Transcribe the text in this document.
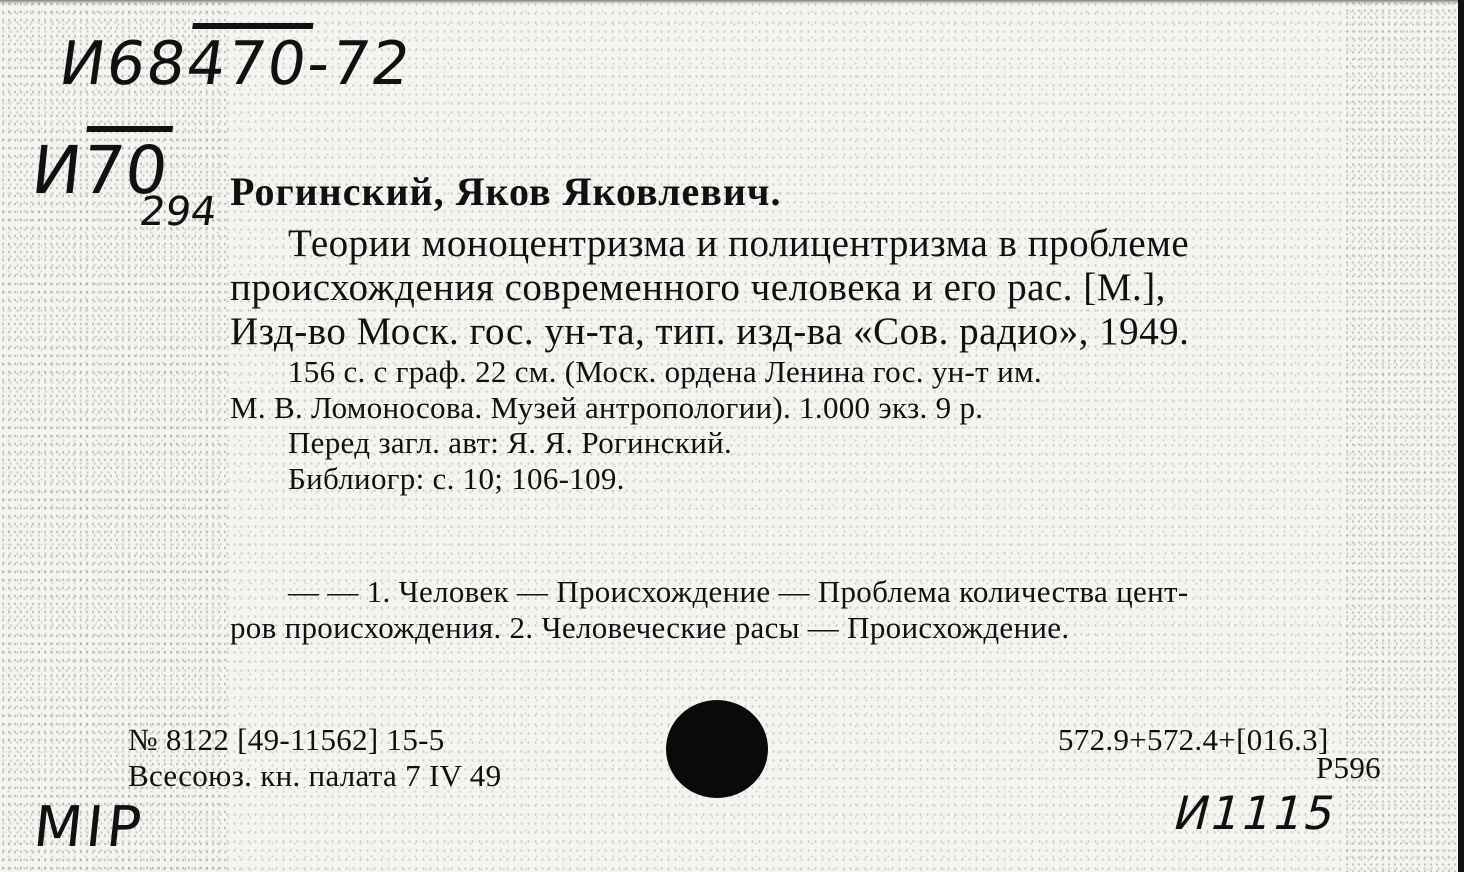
И68470-72
И70
294 Рогинский, Яков Яковлевич.
Теории моноцентризма и полицентризма в проблеме
происхождения современного человека и его рас. [М.],
Изд-во Моск. гос. ун-та, тип. изд-ва «Сов. радио», 1949.
156 с. с граф. 22 см. (Моск. ордена Ленина гос. ун-т им.
М. В. Ломоносова. Музей антропологии). 1.000 экз. 9 р.
Перед загл. авт: Я. Я. Рогинский.
Библиогр: с. 10; 106-109.
— — 1. Человек — Происхождение — Проблема количества цент-
ров происхождения. 2. Человеческие расы — Происхождение.
№ 8122 [49-11562] 15-5
Всесоюз. кн. палата 7 IV 49
572.9+572.4+[016.3]
Р596
МІР	И1115
